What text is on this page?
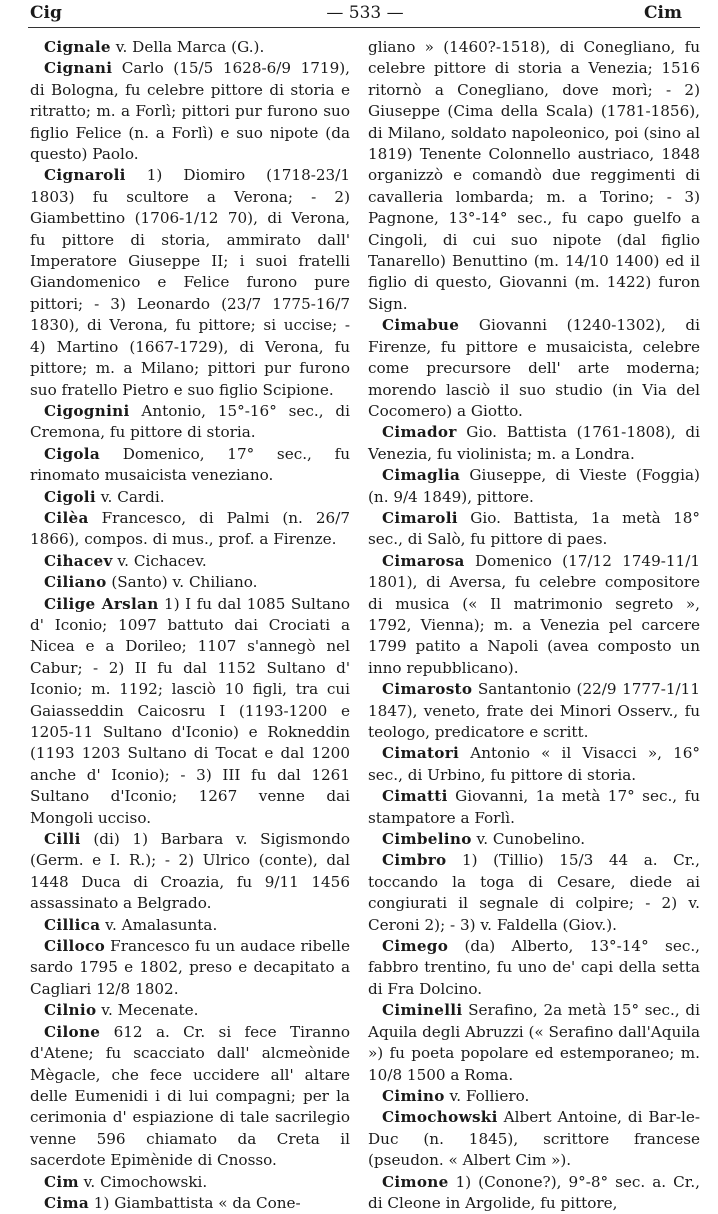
Cig	— 533 —	Cim

Cignale v. Della Marca (G.).

Cignani Carlo (15/5 1628-6/9 1719), di Bologna, fu celebre pittore di storia e ritratto; m. a Forlì; pittori pur furono suo figlio Felice (n. a Forlì) e suo nipote (da questo) Paolo.

Cignaroli 1) Diomiro (1718-23/1 1803) fu scultore a Verona; - 2) Giambettino (1706-1/12 70), di Verona, fu pittore di storia, ammirato dall' Imperatore Giuseppe II; i suoi fratelli Giandomenico e Felice furono pure pittori; - 3) Leonardo (23/7 1775-16/7 1830), di Verona, fu pittore; si uccise; - 4) Martino (1667-1729), di Verona, fu pittore; m. a Milano; pittori pur furono suo fratello Pietro e suo figlio Scipione.

Cigognini Antonio, 15°-16° sec., di Cremona, fu pittore di storia.

Cigola Domenico, 17° sec., fu rinomato musaicista veneziano.

Cigoli v. Cardi.

Cilèa Francesco, di Palmi (n. 26/7 1866), compos. di mus., prof. a Firenze.

Cihacev v. Cichacev.

Ciliano (Santo) v. Chiliano.

Cilige Arslan 1) I fu dal 1085 Sultano d' Iconio; 1097 battuto dai Crociati a Nicea e a Dorileo; 1107 s'annegò nel Cabur; - 2) II fu dal 1152 Sultano d' Iconio; m. 1192; lasciò 10 figli, tra cui Gaiasseddin Caicosru I (1193-1200 e 1205-11 Sultano d'Iconio) e Rokneddin (1193 1203 Sultano di Tocat e dal 1200 anche d' Iconio); - 3) III fu dal 1261 Sultano d'Iconio; 1267 venne dai Mongoli ucciso.

Cilli (di) 1) Barbara v. Sigismondo (Germ. e I. R.); - 2) Ulrico (conte), dal 1448 Duca di Croazia, fu 9/11 1456 assassinato a Belgrado.

Cillica v. Amalasunta.

Cilloco Francesco fu un audace ribelle sardo 1795 e 1802, preso e decapitato a Cagliari 12/8 1802.

Cilnio v. Mecenate.

Cilone 612 a. Cr. si fece Tiranno d'Atene; fu scacciato dall' alcmeònide Mègacle, che fece uccidere all' altare delle Eumenidi i di lui compagni; per la cerimonia d' espiazione di tale sacrilegio venne 596 chiamato da Creta il sacerdote Epimènide di Cnosso.

Cim v. Cimochowski.

Cima 1) Giambattista « da Cone-

gliano » (1460?-1518), di Conegliano, fu celebre pittore di storia a Venezia; 1516 ritornò a Conegliano, dove morì; - 2) Giuseppe (Cima della Scala) (1781-1856), di Milano, soldato napoleonico, poi (sino al 1819) Tenente Colonnello austriaco, 1848 organizzò e comandò due reggimenti di cavalleria lombarda; m. a Torino; - 3) Pagnone, 13°-14° sec., fu capo guelfo a Cingoli, di cui suo nipote (dal figlio Tanarello) Benuttino (m. 14/10 1400) ed il figlio di questo, Giovanni (m. 1422) furon Sign.

Cimabue Giovanni (1240-1302), di Firenze, fu pittore e musaicista, celebre come precursore dell' arte moderna; morendo lasciò il suo studio (in Via del Cocomero) a Giotto.

Cimador Gio. Battista (1761-1808), di Venezia, fu violinista; m. a Londra.

Cimaglia Giuseppe, di Vieste (Foggia) (n. 9/4 1849), pittore.

Cimaroli Gio. Battista, 1a metà 18° sec., di Salò, fu pittore di paes.

Cimarosa Domenico (17/12 1749-11/1 1801), di Aversa, fu celebre compositore di musica (« Il matrimonio segreto », 1792, Vienna); m. a Venezia pel carcere 1799 patito a Napoli (avea composto un inno repubblicano).

Cimarosto Santantonio (22/9 1777-1/11 1847), veneto, frate dei Minori Osserv., fu teologo, predicatore e scritt.

Cimatori Antonio « il Visacci », 16° sec., di Urbino, fu pittore di storia.

Cimatti Giovanni, 1a metà 17° sec., fu stampatore a Forlì.

Cimbelino v. Cunobelino.

Cimbro 1) (Tillio) 15/3 44 a. Cr., toccando la toga di Cesare, diede ai congiurati il segnale di colpire; - 2) v. Ceroni 2); - 3) v. Faldella (Giov.).

Cimego (da) Alberto, 13°-14° sec., fabbro trentino, fu uno de' capi della setta di Fra Dolcino.

Ciminelli Serafino, 2a metà 15° sec., di Aquila degli Abruzzi (« Serafino dall'Aquila ») fu poeta popolare ed estemporaneo; m. 10/8 1500 a Roma.

Cimino v. Folliero.

Cimochowski Albert Antoine, di Bar-le-Duc (n. 1845), scrittore francese (pseudon. « Albert Cim »).

Cimone 1) (Conone?), 9°-8° sec. a. Cr., di Cleone in Argolide, fu pittore,
